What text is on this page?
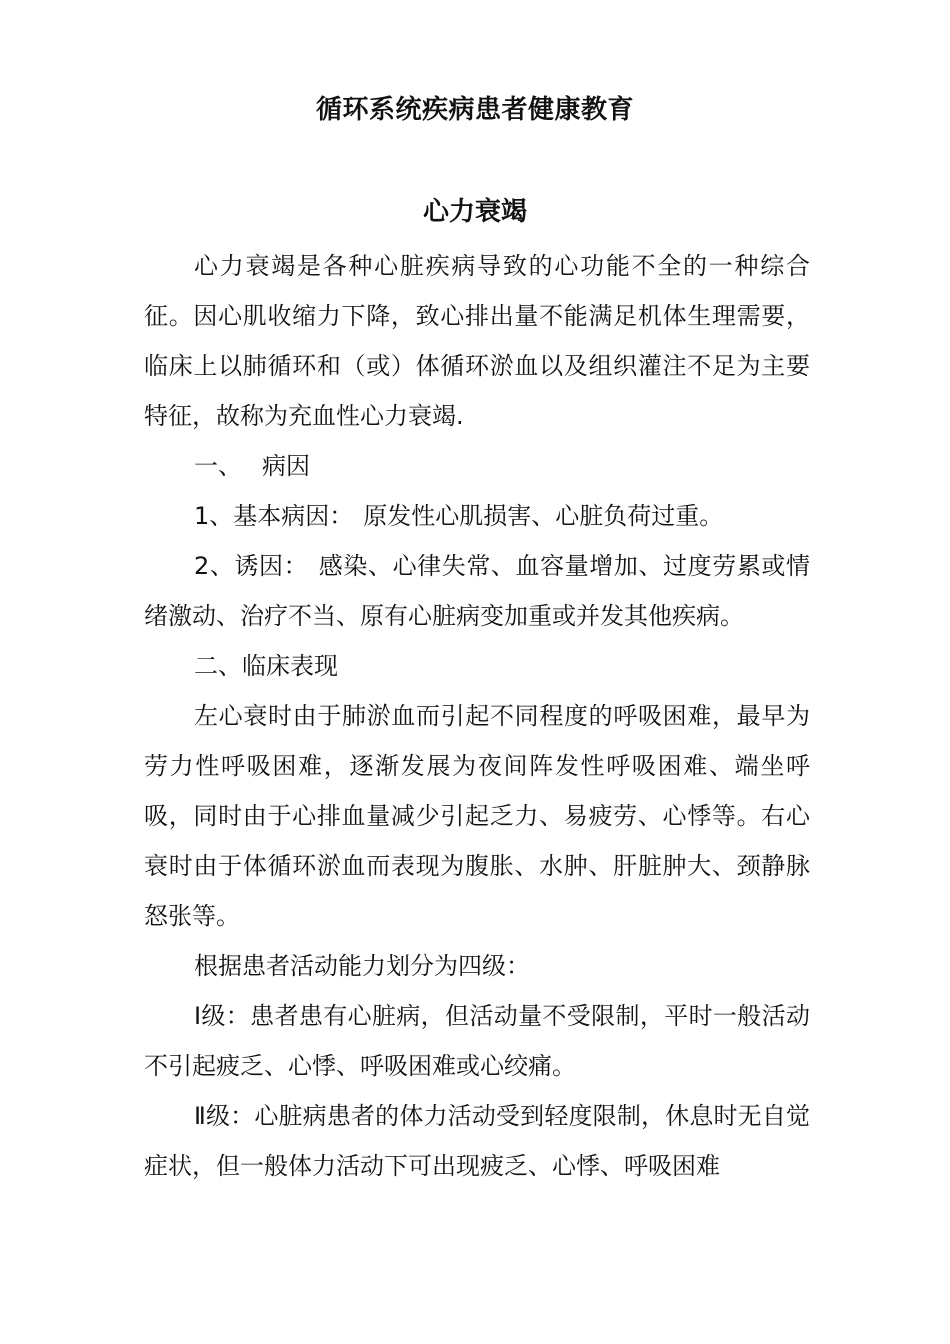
循环系统疾病患者健康教育
心力衰竭

心力衰竭是各种心脏疾病导致的心功能不全的一种综合征。因心肌收缩力下降，致心排出量不能满足机体生理需要，临床上以肺循环和（或）体循环淤血以及组织灌注不足为主要特征，故称为充血性心力衰竭.

一、 病因

1、基本病因： 原发性心肌损害、心脏负荷过重。

2、诱因： 感染、心律失常、血容量增加、过度劳累或情绪激动、治疗不当、原有心脏病变加重或并发其他疾病。

二、临床表现

左心衰时由于肺淤血而引起不同程度的呼吸困难，最早为劳力性呼吸困难，逐渐发展为夜间阵发性呼吸困难、端坐呼吸，同时由于心排血量减少引起乏力、易疲劳、心悸等。右心衰时由于体循环淤血而表现为腹胀、水肿、肝脏肿大、颈静脉怒张等。

根据患者活动能力划分为四级：

Ⅰ级：患者患有心脏病，但活动量不受限制，平时一般活动不引起疲乏、心悸、呼吸困难或心绞痛。

Ⅱ级：心脏病患者的体力活动受到轻度限制，休息时无自觉症状，但一般体力活动下可出现疲乏、心悸、呼吸困难
